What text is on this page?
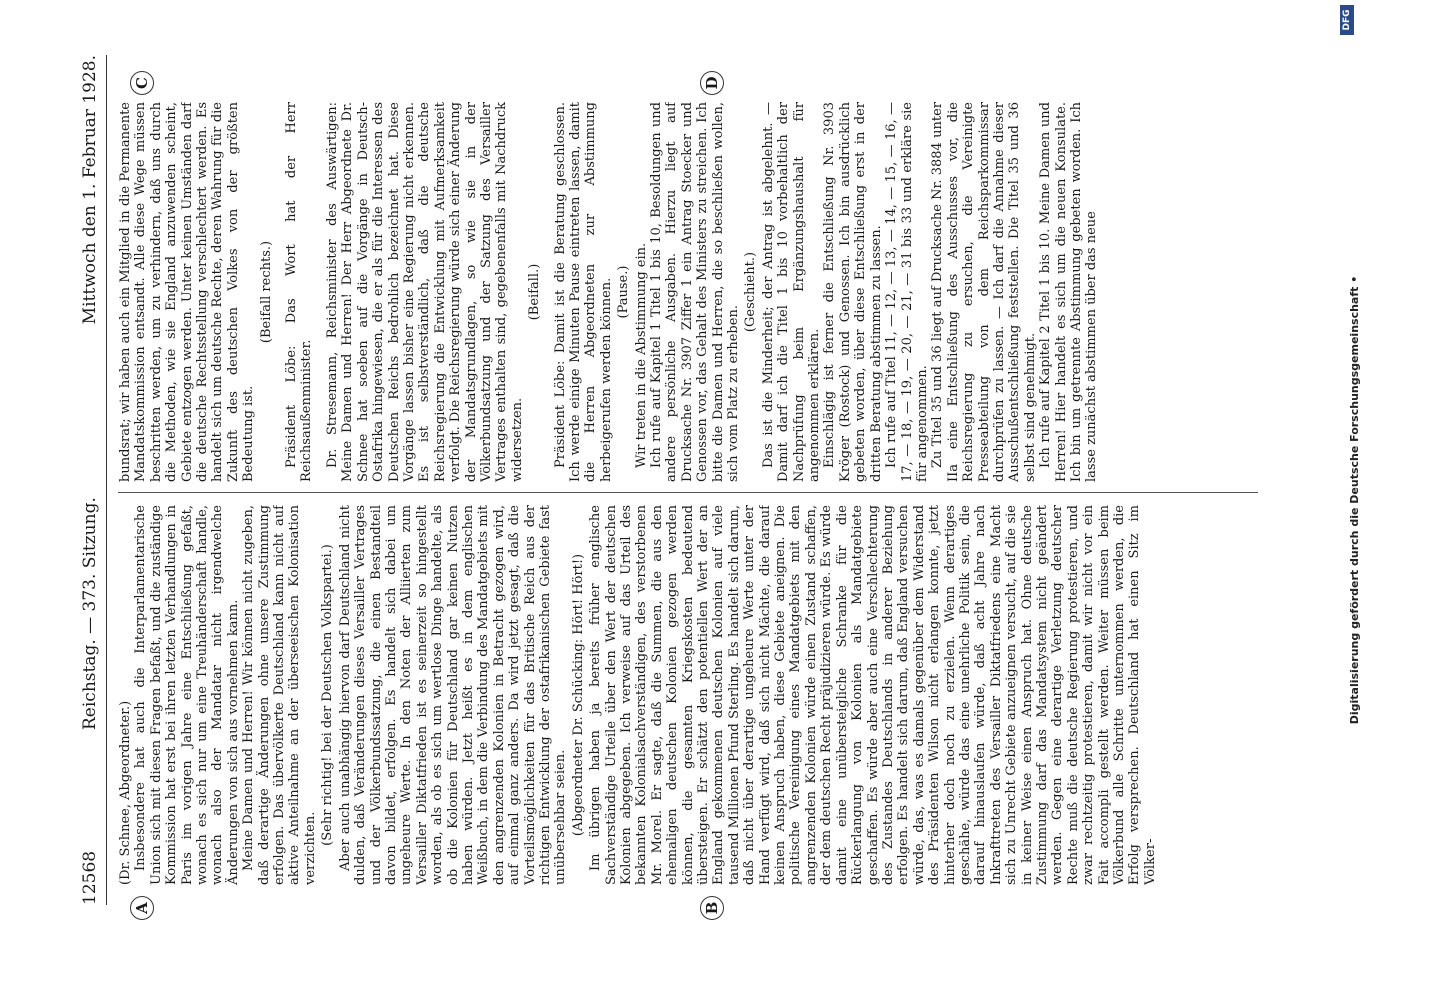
12568
Reichstag. — 373. Sitzung.
Mittwoch den 1. Februar 1928.
A	B
C	D

(Dr. Schnee, Abgeordneter.) Insbesondere hat auch die Interparlamentarische Union sich mit diesen Fragen befaßt, und die zuständige Kommission hat erst bei ihren letzten Verhandlungen in Paris im vorigen Jahre eine Entschließung gefaßt, wonach es sich nur um eine Treuhänderschaft handle, wonach also der Mandatar nicht irgendwelche Änderungen von sich aus vornehmen kann. Meine Damen und Herren! Wir können nicht zugeben, daß derartige Änderungen ohne unsere Zustimmung erfolgen. Das übervölkerte Deutschland kann nicht auf aktive Anteilnahme an der überseeischen Kolonisation verzichten.

(Sehr richtig! bei der Deutschen Volkspartei.) Aber auch unabhängig hiervon darf Deutschland nicht dulden, daß Veränderungen dieses Versailler Vertrages und der Völkerbundssatzung, die einen Bestandteil davon bildet, erfolgen. Es handelt sich dabei um ungeheure Werte. In den Noten der Alliierten zum Versailler Diktatfrieden ist es seinerzeit so hingestellt worden, als ob es sich um wertlose Dinge handelte, als ob die Kolonien für Deutschland gar keinen Nutzen haben würden. Jetzt heißt es in dem englischen Weißbuch, in dem die Verbindung des Mandatgebiets mit den angrenzenden Kolonien in Betracht gezogen wird, auf einmal ganz anders. Da wird jetzt gesagt, daß die Vorteilsmöglichkeiten für das Britische Reich aus der richtigen Entwicklung der ostafrikanischen Gebiete fast unübersehbar seien. (Abgeordneter Dr. Schücking: Hört! Hört!) Im übrigen haben ja bereits früher englische Sachverständige Urteile über den Wert der deutschen Kolonien abgegeben. Ich verweise auf das Urteil des bekannten Kolonialsachverständigen, des verstorbenen Mr. Morel. Er sagte, daß die Summen, die aus den ehemaligen deutschen Kolonien gezogen werden können, die gesamten Kriegskosten bedeutend übersteigen. Er schätzt den potentiellen Wert der an England gekommenen deutschen Kolonien auf viele tausend Millionen Pfund Sterling. Es handelt sich darum, daß nicht über derartige ungeheure Werte unter der Hand verfügt wird, daß sich nicht Mächte, die darauf keinen Anspruch haben, diese Gebiete aneignen. Die politische Vereinigung eines Mandatgebiets mit den angrenzenden Kolonien würde einen Zustand schaffen, der dem deutschen Recht präjudizieren würde. Es würde damit eine unübersteigliche Schranke für die Rückerlangung von Kolonien als Mandatgebiete geschaffen. Es würde aber auch eine Verschlechterung des Zustandes Deutschlands in anderer Beziehung erfolgen. Es handelt sich darum, daß England versuchen würde, das, was es damals gegenüber dem Widerstand des Präsidenten Wilson nicht erlangen konnte, jetzt hinterher doch noch zu erzielen. Wenn derartiges geschähe, würde das eine unehrliche Politik sein, die darauf hinauslaufen würde, daß acht Jahre nach Inkrafttreten des Versailler Diktatfriedens eine Macht sich zu Unrecht Gebiete anzueignen versucht, auf die sie in keiner Weise einen Anspruch hat. Ohne deutsche Zustimmung darf das Mandatsystem nicht geändert werden. Gegen eine derartige Verletzung deutscher Rechte muß die deutsche Regierung protestieren, und zwar rechtzeitig protestieren, damit wir nicht vor ein Fait accompli gestellt werden. Weiter müssen beim Völkerbund alle Schritte unternommen werden, die Erfolg versprechen. Deutschland hat einen Sitz im Völker-

bundsrat; wir haben auch ein Mitglied in die Permanente Mandatskommission entsandt. Alle diese Wege müssen beschritten werden, um zu verhindern, daß uns durch die Methoden, wie sie England anzuwenden scheint, Gebiete entzogen werden. Unter keinen Umständen darf die deutsche Rechtsstellung verschlechtert werden. Es handelt sich um deutsche Rechte, deren Wahrung für die Zukunft des deutschen Volkes von der größten Bedeutung ist.

(Beifall rechts.) Präsident Löbe: Das Wort hat der Herr Reichsaußenminister. Dr. Stresemann, Reichsminister des Auswärtigen: Meine Damen und Herren! Der Herr Abgeordnete Dr. Schnee hat soeben auf die Vorgänge in Deutsch-Ostafrika hingewiesen, die er als für die Interessen des Deutschen Reichs bedrohlich bezeichnet hat. Diese Vorgänge lassen bisher eine Regierung nicht erkennen. Es ist selbstverständlich, daß die deutsche Reichsregierung die Entwicklung mit Aufmerksamkeit verfolgt. Die Reichsregierung würde sich einer Änderung der Mandatsgrundlagen, so wie sie in der Völkerbundsatzung und der Satzung des Versailler Vertrages enthalten sind, gegebenenfalls mit Nachdruck widersetzen.

(Beifall.) Präsident Löbe: Damit ist die Beratung geschlossen. Ich werde einige Minuten Pause eintreten lassen, damit die Herren Abgeordneten zur Abstimmung herbeigerufen werden können. (Pause.) Wir treten in die Abstimmung ein. Ich rufe auf Kapitel 1 Titel 1 bis 10, Besoldungen und andere persönliche Ausgaben. Hierzu liegt auf Drucksache Nr. 3907 Ziffer 1 ein Antrag Stoecker und Genossen vor, das Gehalt des Ministers zu streichen. Ich bitte die Damen und Herren, die so beschließen wollen, sich vom Platz zu erheben.

(Geschieht.) Das ist die Minderheit; der Antrag ist abgelehnt. — Damit darf ich die Titel 1 bis 10 vorbehaltlich der Nachprüfung beim Ergänzungshaushalt für angenommen erklären. Einschlägig ist ferner die Entschließung Nr. 3903 Kröger (Rostock) und Genossen. Ich bin ausdrücklich gebeten worden, über diese Entschließung erst in der dritten Beratung abstimmen zu lassen. Ich rufe auf Titel 11, — 12, — 13, — 14, — 15, — 16, — 17, — 18, — 19, — 20, — 21, — 31 bis 33 und erkläre sie für angenommen. Zu Titel 35 und 36 liegt auf Drucksache Nr. 3884 unter IIa eine Entschließung des Ausschusses vor, die Reichsregierung zu ersuchen, die Vereinigte Presseabteilung von dem Reichsparkommissar durchprüfen zu lassen. — Ich darf die Annahme dieser Ausschußentschließung feststellen. Die Titel 35 und 36 selbst sind genehmigt. Ich rufe auf Kapitel 2 Titel 1 bis 10. Meine Damen und Herren! Hier handelt es sich um die neuen Konsulate. Ich bin um getrennte Abstimmung gebeten worden. Ich lasse zunächst abstimmen über das neue	Digitalisierung gefördert durch die Deutsche Forschungsgemeinschaft •
DFG
